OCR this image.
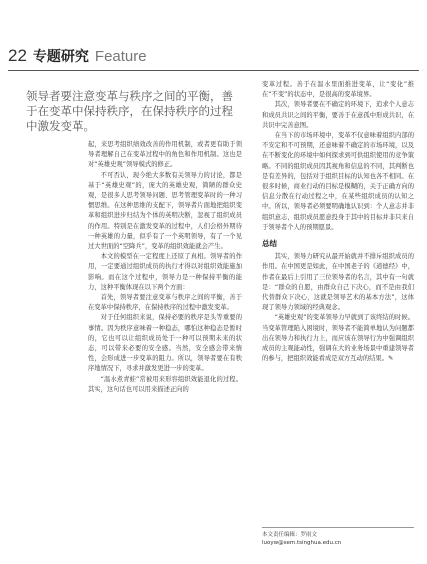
22 专题研究 Feature
领导者要注意变革与秩序之间的平衡，善于在变革中保持秩序，在保持秩序的过程中激发变革。

起，来思考组织绩效改善的作用机制，或者更有助于领导者理解自己在变革过程中的角色和作用机制。这也是对“英雄史观”领导模式的修正。

不可否认，现今绝大多数有关领导力的讨论，都是基于“英雄史观”的，庞大的英雄史观，简陋的群众史观，是很多人思考领导问题、思考管理变革时的一种习惯思维。在这种思维的支配下，领导者片面地把组织变革和组织进步归结为个体的英明决断，忽视了组织成员的作用。特别是在激发变革的过程中，人们会格外期待一种英雄的力量，似乎有了一个英明领导，有了一个见过大世面的“空降兵”，变革的组织效能就会产生。

本文的模型在一定程度上还原了真相。领导者的作用，一定要通过组织成员的执行才得以对组织效能施加影响。而在这个过程中，领导力是一种保持平衡的能力，这种平衡体现在以下两个方面：

首先，领导者要注意变革与秩序之间的平衡，善于在变革中保持秩序，在保持秩序的过程中激发变革。

对于任何组织来说，保持必要的秩序是头等重要的事情。因为秩序意味着一种稳态，哪怕这种稳态是暂时的，它也可以让组织成员处于一种可以预期未来的状态，可以带来必要的安全感。当然，安全感会带来惰性，会形成进一步变革的阻力。所以，领导者要在有秩序地情况下，寻求并激发更进一步的变革。

“温水煮青蛙”常被用来形容组织效能退化的过程。其实，这句话也可以用来描述正向的

变革过程。善于在温水里面推进变革，让“变化”推在“不变”的状态中，是很高的变革境界。

其次，领导者要在不确定的环境下，追求个人意志和成员共识之间的平衡，要善于在意孤中形成共识，在共识中完善意图。

在当下的市场环境中，变革不仅意味着组织内部的不安定和不可预期，还意味着不确定的市场环境，以及在不断变化的环境中如何探求到可供组织使用的竞争策略。不同的组织成员因其视角和信息的不同，其判断也是有差异的，包括对于组织目标的认知也各不相同。在很多时候，商业行动的目标是模糊的，关于正确方向的信息分散在行动过程之中，在某些组织成员的认知之中。所以，领导者必须要明确地认识到：个人意志并非组织意志，组织成员愿意投身于其中的目标并非只来自于领导者个人的预期愿景。

总结

其实，领导力研究从最开始就并不排斥组织成员的作用。在中国更是如此，在中国老子的《道德经》中，作者在最后上引用了三位领导者的名言，其中有一句就是：“群众的自愿，由群众自己下决心，而不是由我们代替群众下决心，这就是领导艺术的基本方法”，这体现了领导力领域的经典观念。

“英雄史观”的变革领导力早就到了该终结的时候。当变革管理陷入困境时，领导者不能简单地认为问题都出在领导力和执行力上，而应该在领导行为中强调组织成员的主观能动性，强调在大的业务场景中重建领导者的参与，把组织效能看成是双方互动的结果。✎

本文责任编辑：罗雨文
luoyw@sem.tsinghua.edu.cn
